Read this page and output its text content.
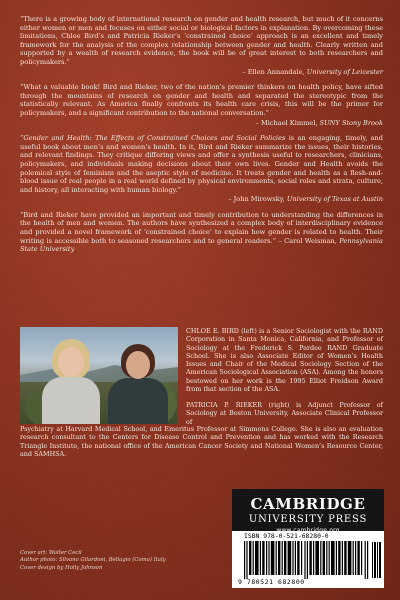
“There is a growing body of international research on gender and health research, but much of it concerns either women or men and focuses on either social or biological factors in explanation. By overcoming these limitations, Chloe Bird’s and Patricia Rieker’s ‘constrained choice’ approach is an excellent and timely framework for the analysis of the complex relationship between gender and health. Clearly written and supported by a wealth of research evidence, the book will be of great interest to both researchers and policymakers.”

– Ellen Annandale, University of Leicester

“What a valuable book! Bird and Rieker, two of the nation’s premier thinkers on health policy, have sifted through the mountains of research on gender and health and separated the stereotypic from the statistically relevant. As America finally confronts its health care crisis, this will be the primer for policymakers, and a significant contribution to the national conversation.”

– Michael Kimmel, SUNY Stony Brook

“Gender and Health: The Effects of Constrained Choices and Social Policies is an engaging, timely, and useful book about men’s and women’s health. In it, Bird and Rieker summarize the issues, their histories, and relevant findings. They critique differing views and offer a synthesis useful to researchers, clinicians, policymakers, and individuals making decisions about their own lives. Gender and Health avoids the polemical style of feminism and the aseptic style of medicine. It treats gender and health as a flesh-and-blood issue of real people in a real world defined by physical environments, social roles and strata, culture, and history, all interacting with human biology.”

– John Mirowsky, University of Texas at Austin

“Bird and Rieker have provided an important and timely contribution to understanding the differences in the health of men and women. The authors have synthesized a complex body of interdisciplinary evidence and provided a novel framework of ‘constrained choice’ to explain how gender is related to health. Their writing is accessible both to seasoned researchers and to general readers.” – Carol Weisman, Pennsylvania State University

CHLOE E. BIRD (left) is a Senior Sociologist with the RAND Corporation in Santa Monica, California, and Professor of Sociology at the Frederick S. Pardee RAND Graduate School. She is also Associate Editor of Women’s Health Issues and Chair of the Medical Sociology Section of the American Sociological Association (ASA). Among the honors bestowed on her work is the 1995 Elliot Freidson Award from that section of the ASA.

PATRICIA P. RIEKER (right) is Adjunct Professor of Sociology at Boston University, Associate Clinical Professor of

Psychiatry at Harvard Medical School, and Emeritus Professor at Simmons College. She is also an evaluation research consultant to the Centers for Disease Control and Prevention and has worked with the Research Triangle Institute, the national office of the American Cancer Society and National Women’s Resource Center, and SAMHSA.
Cover art: Walter Cecil
Author photo: Silvano Gilardoni, Bellagio (Como) Italy
Cover design by Holly Johnson
CAMBRIDGE
UNIVERSITY PRESS
ISBN 978-0-521-68280-0
9 780521 682800
